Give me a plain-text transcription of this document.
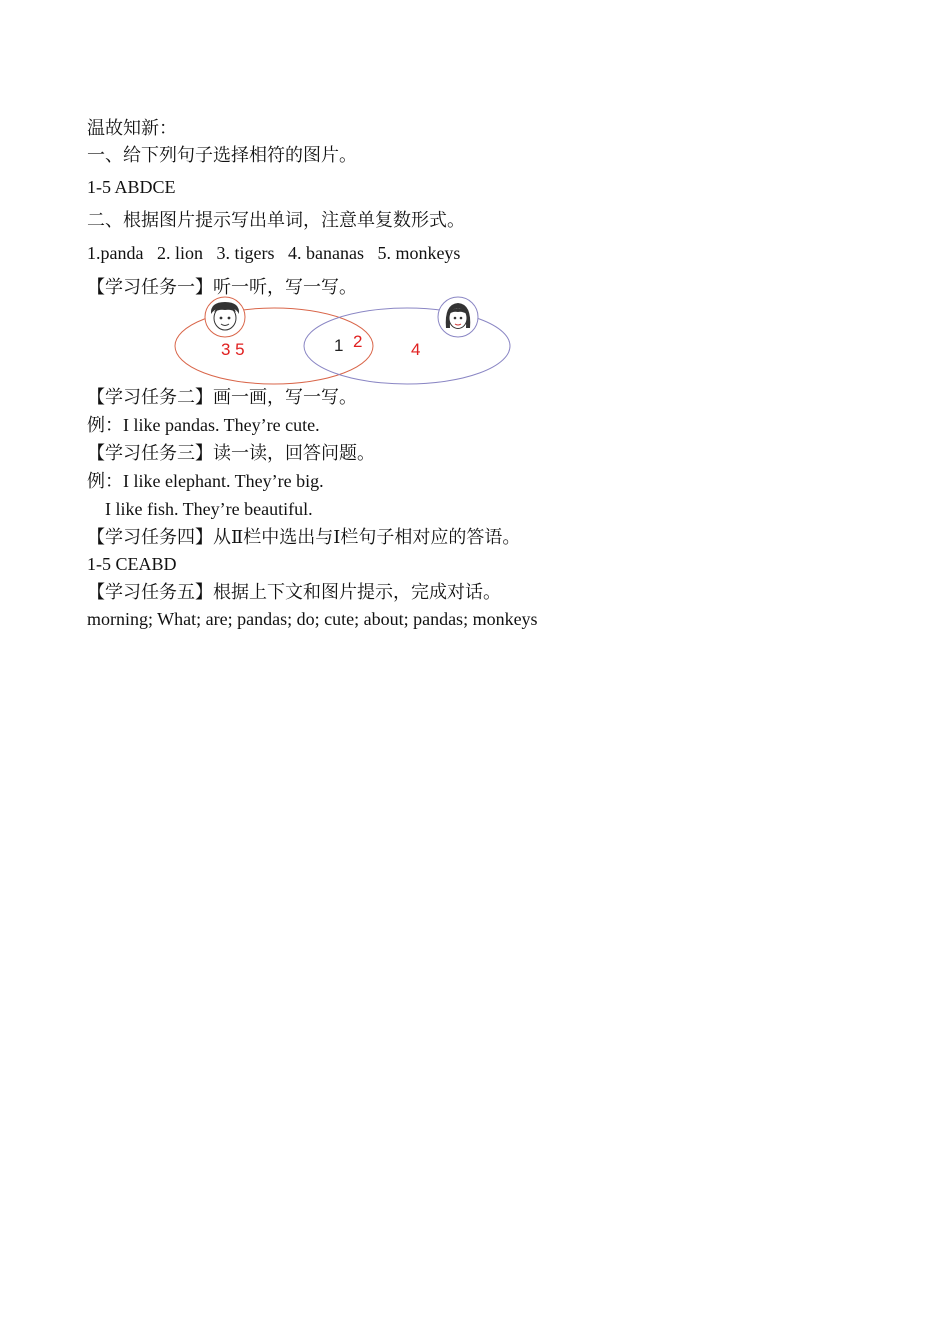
温故知新：
一、给下列句子选择相符的图片。
1-5 ABDCE
二、根据图片提示写出单词，注意单复数形式。
1.panda   2. lion   3. tigers   4. bananas   5. monkeys
【学习任务一】听一听，写一写。
3 5	1 2	4
【学习任务二】画一画，写一写。
例：I like pandas. They’re cute.
【学习任务三】读一读，回答问题。
例：I like elephant. They’re big.
I like fish. They’re beautiful.
【学习任务四】从Ⅱ栏中选出与Ⅰ栏句子相对应的答语。
1-5 CEABD
【学习任务五】根据上下文和图片提示，完成对话。
morning; What; are; pandas; do; cute; about; pandas; monkeys
